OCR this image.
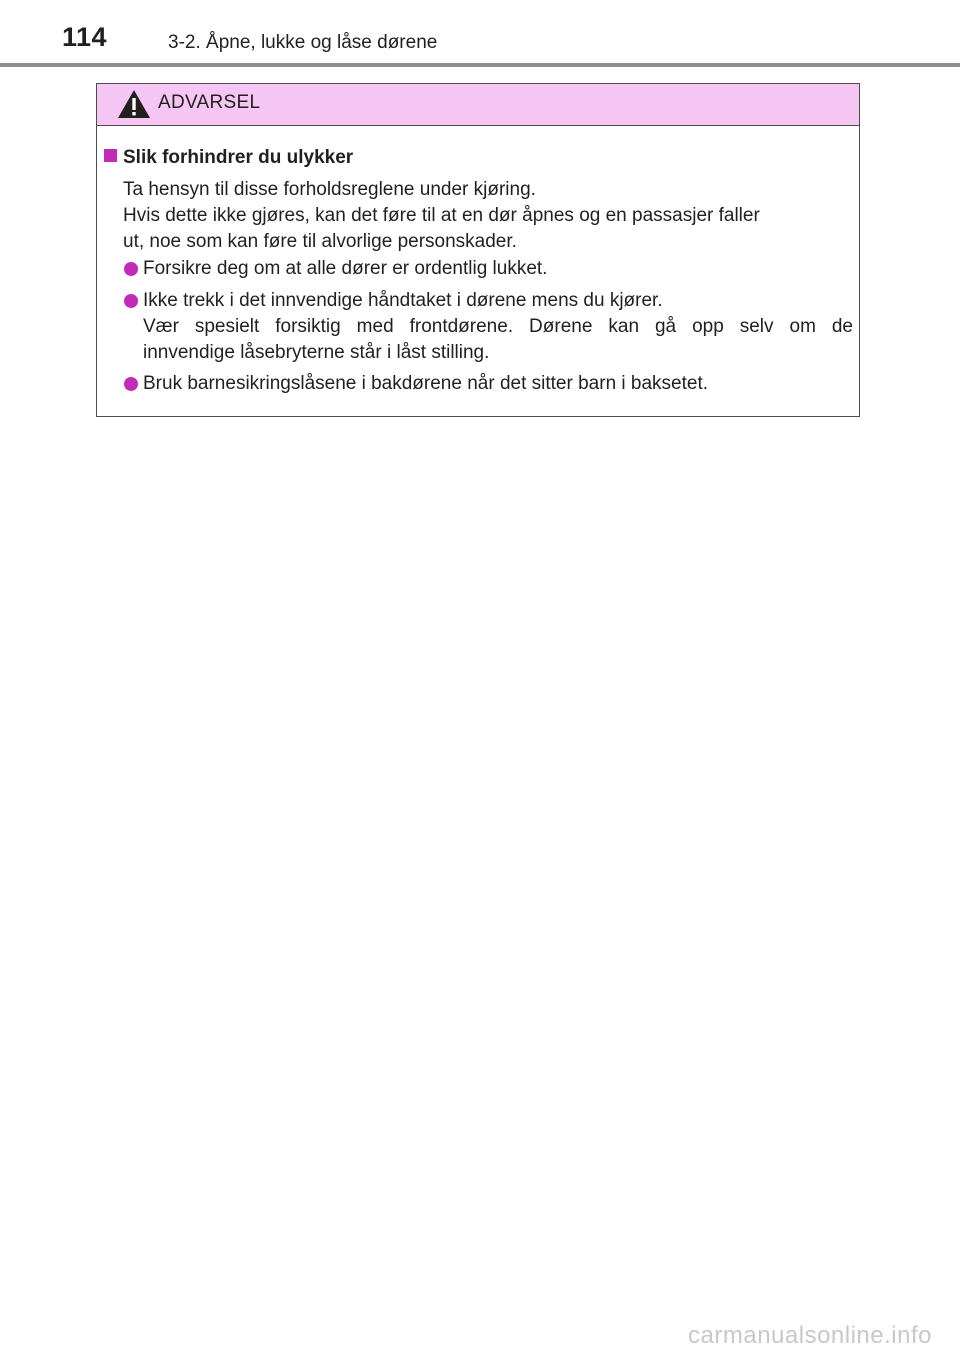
114	3-2. Åpne, lukke og låse dørene
ADVARSEL
Slik forhindrer du ulykker

Ta hensyn til disse forholdsreglene under kjøring.

Hvis dette ikke gjøres, kan det føre til at en dør åpnes og en passasjer faller

ut, noe som kan føre til alvorlige personskader.

Forsikre deg om at alle dører er ordentlig lukket.

Ikke trekk i det innvendige håndtaket i dørene mens du kjører.

Vær spesielt forsiktig med frontdørene. Dørene kan gå opp selv om de

innvendige låsebryterne står i låst stilling.

Bruk barnesikringslåsene i bakdørene når det sitter barn i baksetet.

carmanualsonline.info
